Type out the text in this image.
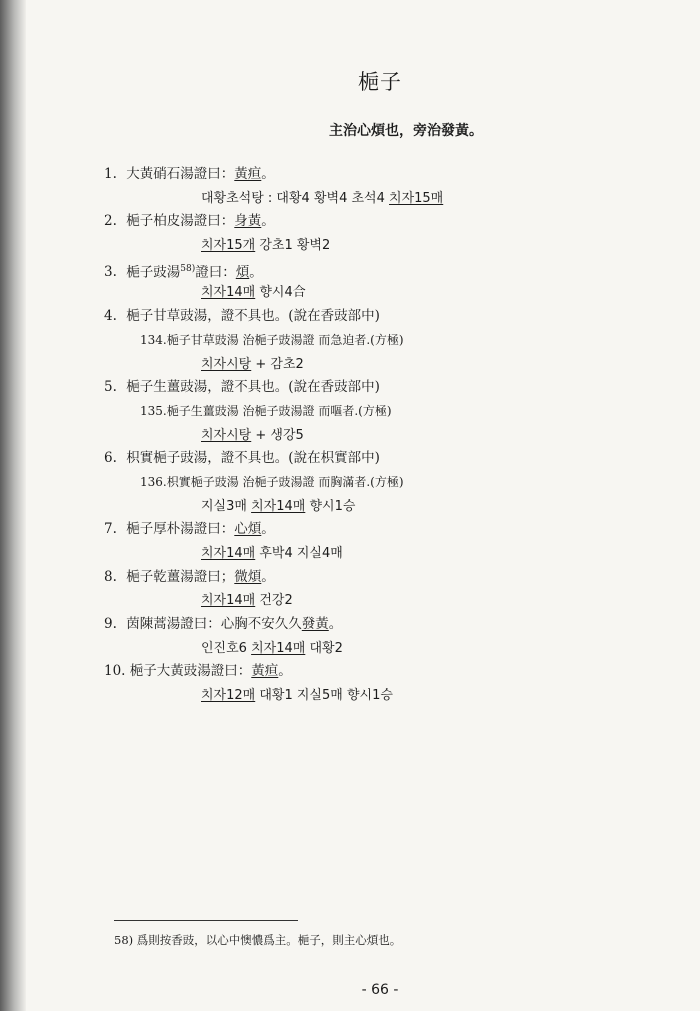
梔子
主治心煩也，旁治發黃。
1. 大黃硝石湯證曰：黃疸。
대황초석탕 : 대황4 황벽4 초석4 치자15매
2. 梔子柏皮湯證曰：身黃。
치자15개 강초1 황벽2
3. 梔子豉湯$^{58)}$證曰：煩。
치자14매 향시4合
4. 梔子甘草豉湯，證不具也。(說在香豉部中)
134.梔子甘草豉湯 治梔子豉湯證 而急迫者.(方極)
치자시탕 + 감초2
5. 梔子生薑豉湯，證不具也。(說在香豉部中)
135.梔子生薑豉湯 治梔子豉湯證 而嘔者.(方極)
치자시탕 + 생강5
6. 枳實梔子豉湯，證不具也。(說在枳實部中)
136.枳實梔子豉湯 治梔子豉湯證 而胸滿者.(方極)
지실3매 치자14매 향시1승
7. 梔子厚朴湯證曰：心煩。
치자14매 후박4 지실4매
8. 梔子乾薑湯證曰；微煩。
치자14매 건강2
9. 茵陳蒿湯證曰：心胸不安久久發黃。
인진호6 치자14매 대황2
10. 梔子大黃豉湯證曰：黃疸。
치자12매 대황1 지실5매 향시1승
58) 爲則按香豉，以心中懊憹爲主。梔子，則主心煩也。
- 66 -
